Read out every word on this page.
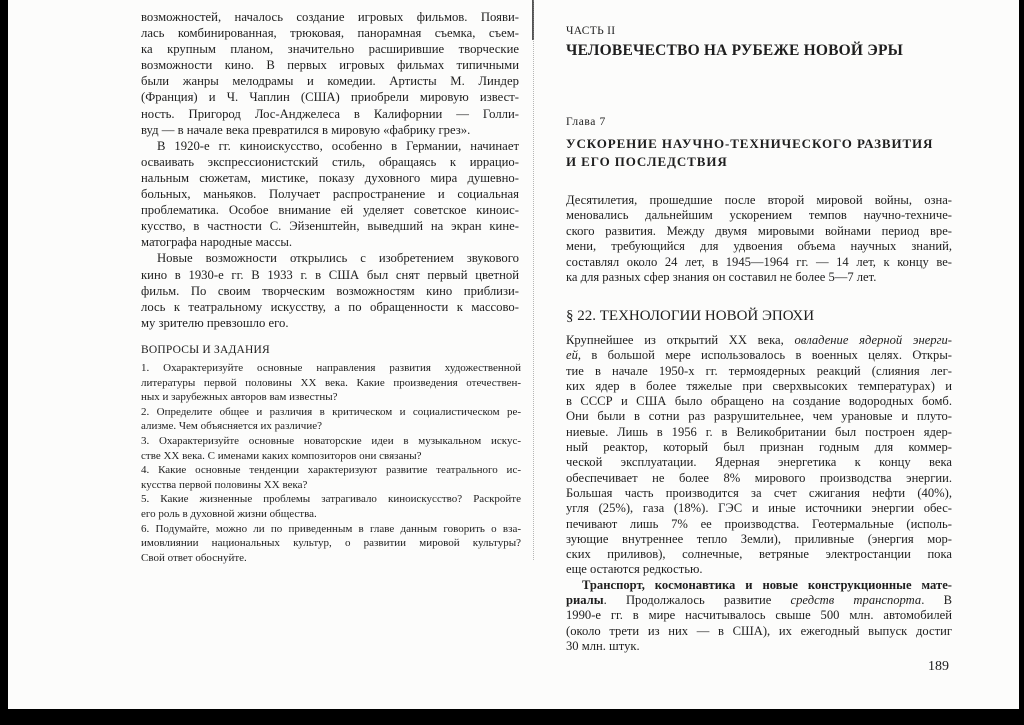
возможностей, началось создание игровых фильмов. Появи-
лась комбинированная, трюковая, панорамная съемка, съем-
ка крупным планом, значительно расширившие творческие
возможности кино. В первых игровых фильмах типичными
были жанры мелодрамы и комедии. Артисты М. Линдер
(Франция) и Ч. Чаплин (США) приобрели мировую извест-
ность. Пригород Лос-Анджелеса в Калифорнии — Голли-
вуд — в начале века превратился в мировую «фабрику грез».
В 1920-е гг. киноискусство, особенно в Германии, начинает
осваивать экспрессионистский стиль, обращаясь к иррацио-
нальным сюжетам, мистике, показу духовного мира душевно-
больных, маньяков. Получает распространение и социальная
проблематика. Особое внимание ей уделяет советское киноис-
кусство, в частности С. Эйзенштейн, выведший на экран кине-
матографа народные массы.
Новые возможности открылись с изобретением звукового
кино в 1930-е гг. В 1933 г. в США был снят первый цветной
фильм. По своим творческим возможностям кино приблизи-
лось к театральному искусству, а по обращенности к массово-
му зрителю превзошло его.
ВОПРОСЫ И ЗАДАНИЯ
1. Охарактеризуйте основные направления развития художественной
литературы первой половины XX века. Какие произведения отечествен-
ных и зарубежных авторов вам известны?
2. Определите общее и различия в критическом и социалистическом ре-
ализме. Чем объясняется их различие?
3. Охарактеризуйте основные новаторские идеи в музыкальном искус-
стве XX века. С именами каких композиторов они связаны?
4. Какие основные тенденции характеризуют развитие театрального ис-
кусства первой половины XX века?
5. Какие жизненные проблемы затрагивало киноискусство? Раскройте
его роль в духовной жизни общества.
6. Подумайте, можно ли по приведенным в главе данным говорить о вза-
имовлиянии национальных культур, о развитии мировой культуры?
Свой ответ обоснуйте.
ЧАСТЬ II
ЧЕЛОВЕЧЕСТВО НА РУБЕЖЕ НОВОЙ ЭРЫ
Глава 7
УСКОРЕНИЕ НАУЧНО-ТЕХНИЧЕСКОГО РАЗВИТИЯ
И ЕГО ПОСЛЕДСТВИЯ
Десятилетия, прошедшие после второй мировой войны, озна-
меновались дальнейшим ускорением темпов научно-техниче-
ского развития. Между двумя мировыми войнами период вре-
мени, требующийся для удвоения объема научных знаний,
составлял около 24 лет, в 1945—1964 гг. — 14 лет, к концу ве-
ка для разных сфер знания он составил не более 5—7 лет.
§ 22. ТЕХНОЛОГИИ НОВОЙ ЭПОХИ
Крупнейшее из открытий XX века, овладение ядерной энерги-
ей, в большой мере использовалось в военных целях. Откры-
тие в начале 1950-х гг. термоядерных реакций (слияния лег-
ких ядер в более тяжелые при сверхвысоких температурах) и
в СССР и США было обращено на создание водородных бомб.
Они были в сотни раз разрушительнее, чем урановые и плуто-
ниевые. Лишь в 1956 г. в Великобритании был построен ядер-
ный реактор, который был признан годным для коммер-
ческой эксплуатации. Ядерная энергетика к концу века
обеспечивает не более 8% мирового производства энергии.
Большая часть производится за счет сжигания нефти (40%),
угля (25%), газа (18%). ГЭС и иные источники энергии обес-
печивают лишь 7% ее производства. Геотермальные (исполь-
зующие внутреннее тепло Земли), приливные (энергия мор-
ских приливов), солнечные, ветряные электростанции пока
еще остаются редкостью.
Транспорт, космонавтика и новые конструкционные мате-
риалы. Продолжалось развитие средств транспорта. В
1990-е гг. в мире насчитывалось свыше 500 млн. автомобилей
(около трети из них — в США), их ежегодный выпуск достиг
30 млн. штук.
189
